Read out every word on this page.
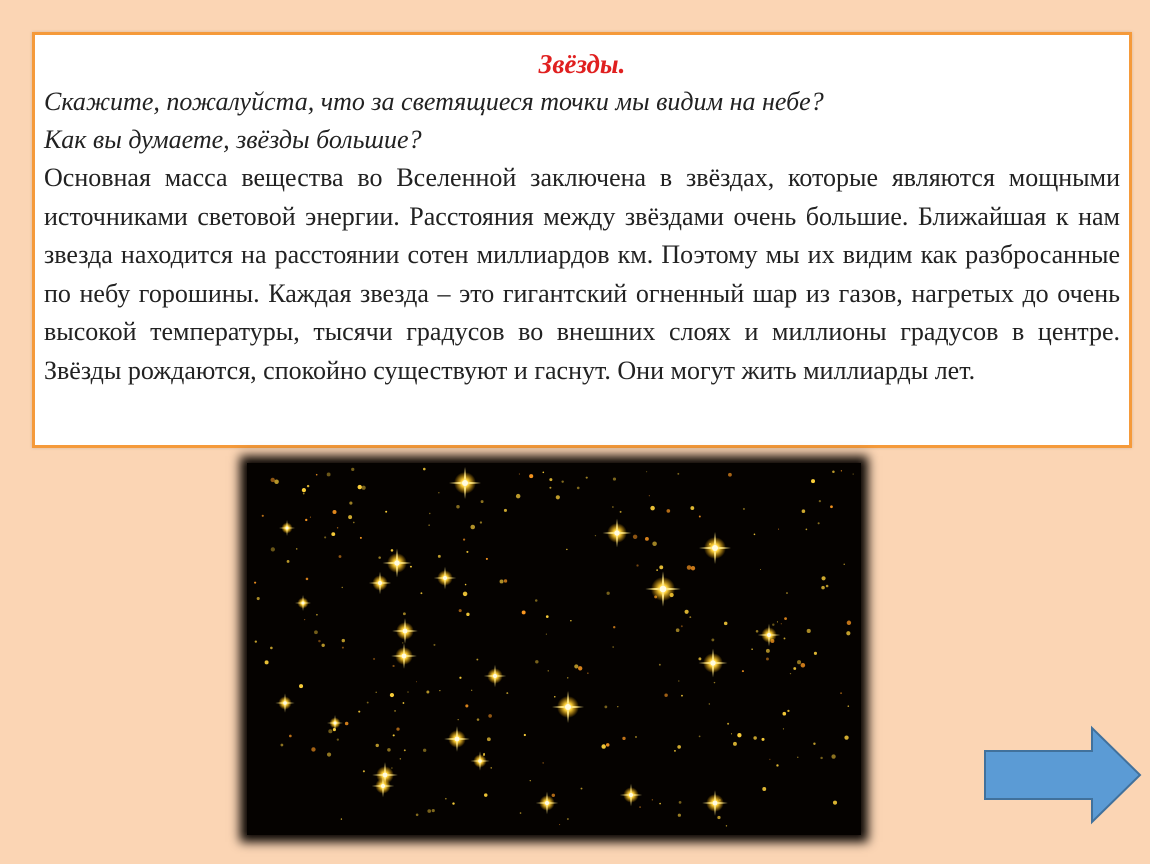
Звёзды.

Скажите, пожалуйста, что за светящиеся точки мы видим на небе?

Как вы думаете, звёзды большие?

Основная масса вещества во Вселенной заключена в звёздах, которые являются мощными источниками световой энергии. Расстояния между звёздами очень большие. Ближайшая к нам звезда находится на расстоянии сотен миллиардов км. Поэтому мы их видим как разбросанные по небу горошины. Каждая звезда – это гигантский огненный шар из газов, нагретых до очень высокой температуры, тысячи градусов во внешних слоях и миллионы градусов в центре. Звёзды рождаются, спокойно существуют и гаснут. Они могут жить миллиарды лет.
